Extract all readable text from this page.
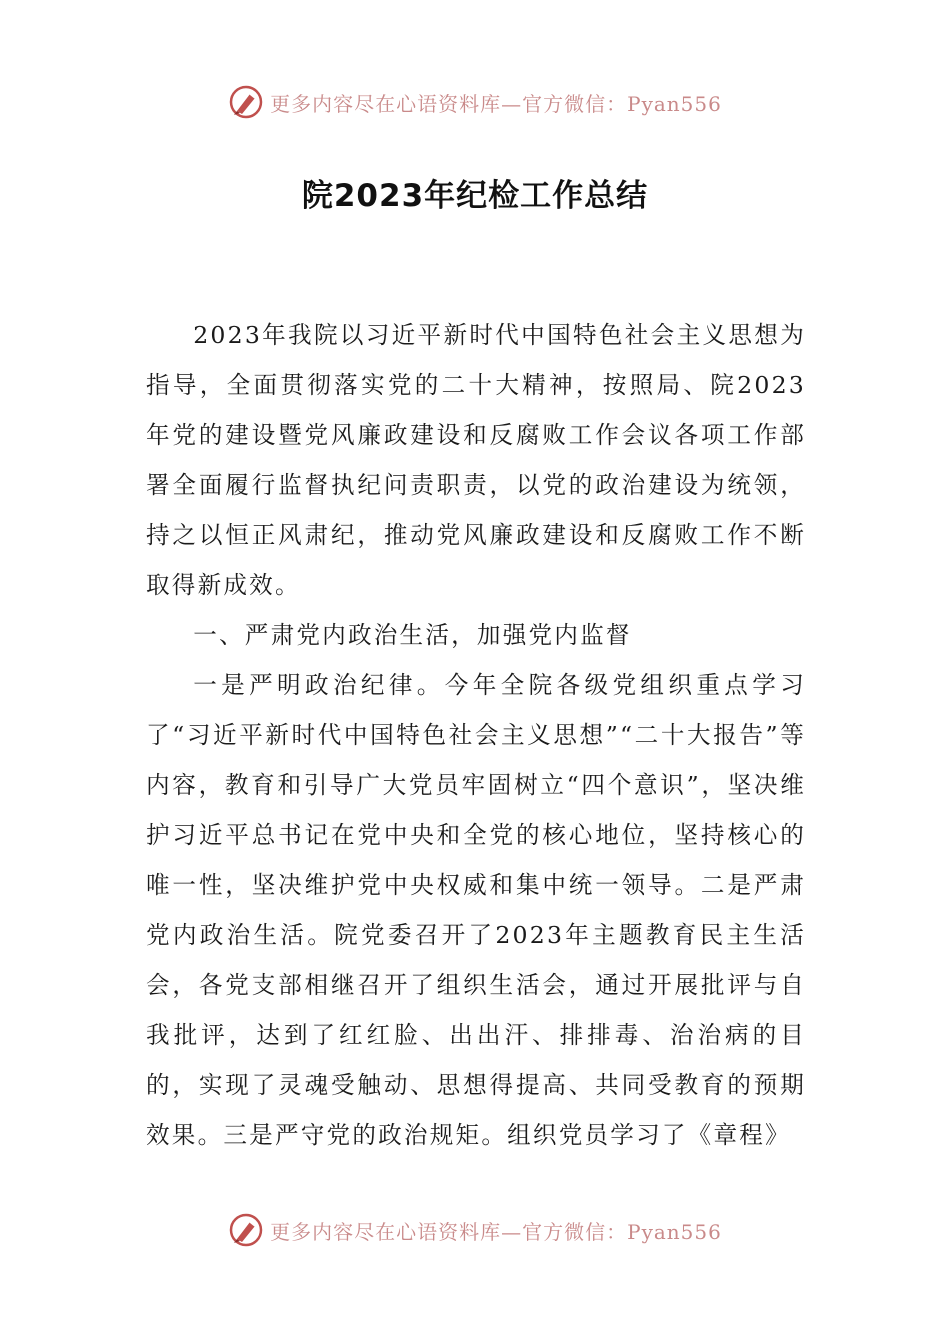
更多内容尽在心语资料库—官方微信：Pyan556
院2023年纪检工作总结

2023年我院以习近平新时代中国特色社会主义思想为指导，全面贯彻落实党的二十大精神，按照局、院2023年党的建设暨党风廉政建设和反腐败工作会议各项工作部署全面履行监督执纪问责职责，以党的政治建设为统领，持之以恒正风肃纪，推动党风廉政建设和反腐败工作不断取得新成效。

一、严肃党内政治生活，加强党内监督

一是严明政治纪律。今年全院各级党组织重点学习了“习近平新时代中国特色社会主义思想”“二十大报告”等内容，教育和引导广大党员牢固树立“四个意识”，坚决维护习近平总书记在党中央和全党的核心地位，坚持核心的唯一性，坚决维护党中央权威和集中统一领导。二是严肃党内政治生活。院党委召开了2023年主题教育民主生活会，各党支部相继召开了组织生活会，通过开展批评与自我批评，达到了红红脸、出出汗、排排毒、治治病的目的，实现了灵魂受触动、思想得提高、共同受教育的预期效果。三是严守党的政治规矩。组织党员学习了《章程》

更多内容尽在心语资料库—官方微信：Pyan556
